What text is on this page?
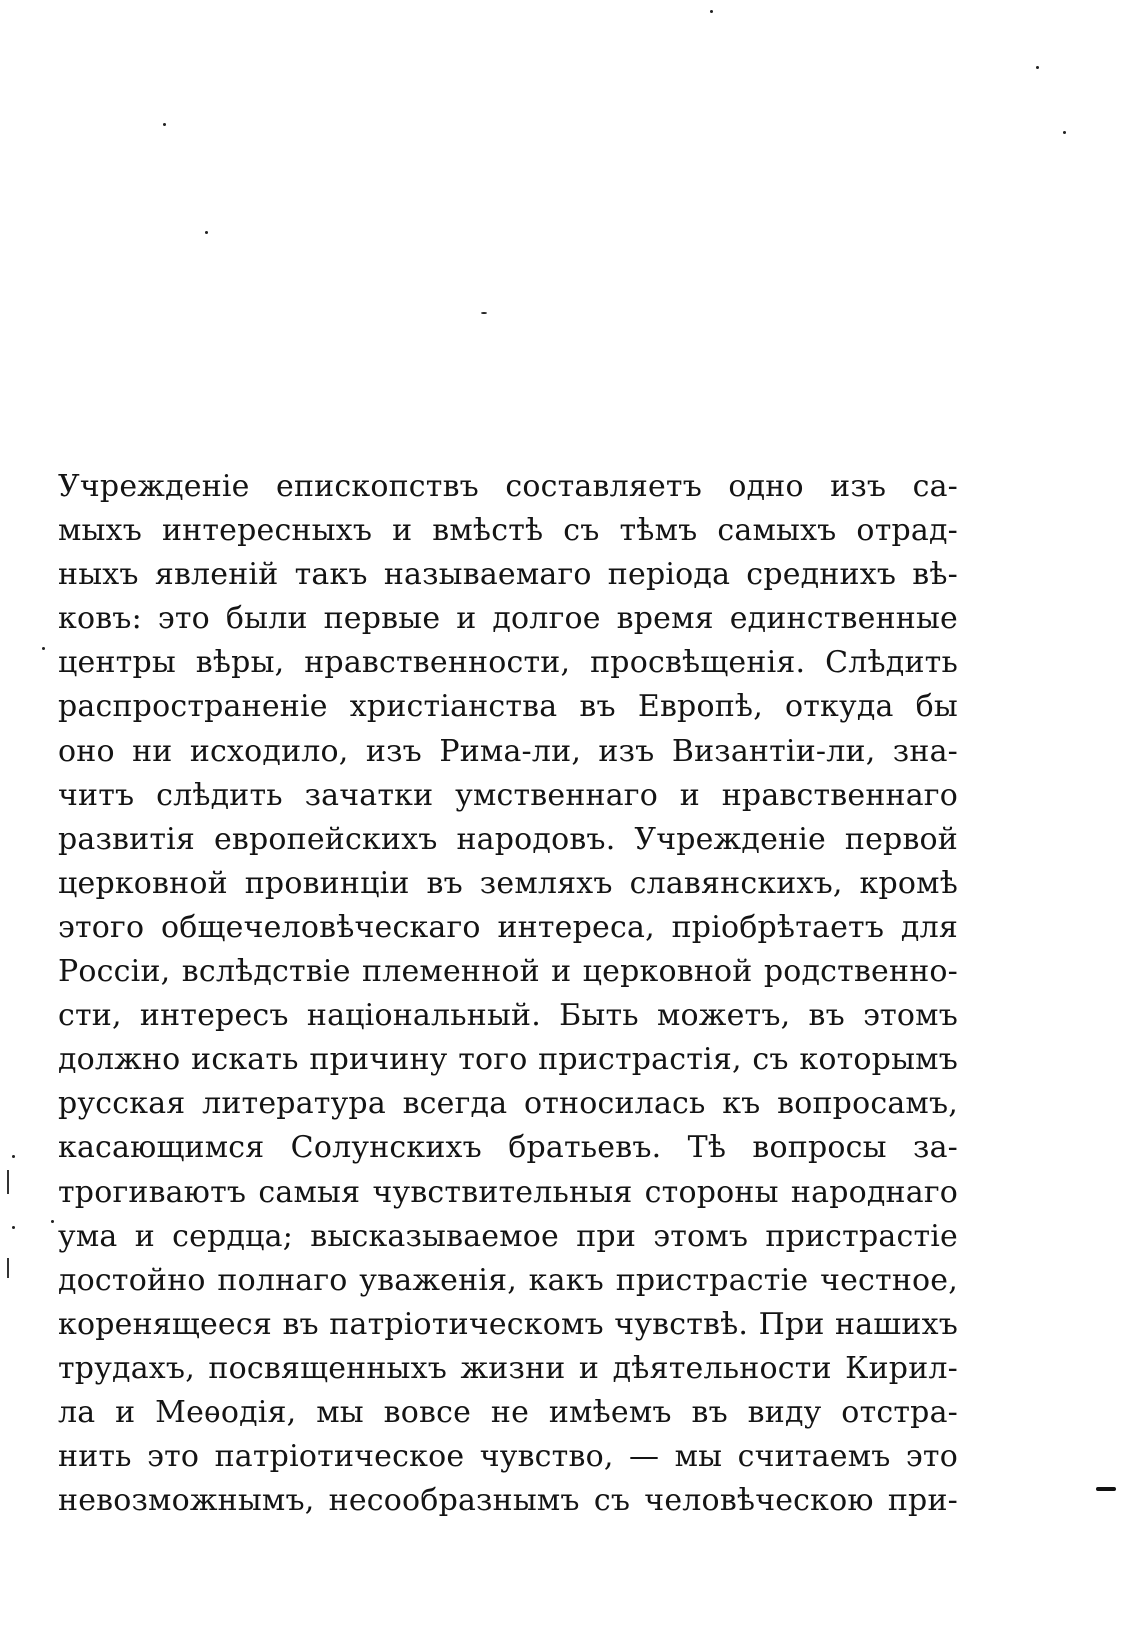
Учрежденіе епископствъ составляетъ одно изъ са-
мыхъ интересныхъ и вмѣстѣ съ тѣмъ самыхъ отрад-
ныхъ явленій такъ называемаго періода среднихъ вѣ-
ковъ: это были первые и долгое время единственные
центры вѣры, нравственности, просвѣщенія. Слѣдить
распространеніе христіанства въ Европѣ, откуда бы
оно ни исходило, изъ Рима-ли, изъ Византіи-ли, зна-
читъ слѣдить зачатки умственнаго и нравственнаго
развитія европейскихъ народовъ. Учрежденіе первой
церковной провинціи въ земляхъ славянскихъ, кромѣ
этого общечеловѣческаго интереса, пріобрѣтаетъ для
Россіи, вслѣдствіе племенной и церковной родственно-
сти, интересъ національный. Быть можетъ, въ этомъ
должно искать причину того пристрастія, съ которымъ
русская литература всегда относилась къ вопросамъ,
касающимся Солунскихъ братьевъ. Тѣ вопросы за-
трогиваютъ самыя чувствительныя стороны народнаго
ума и сердца; высказываемое при этомъ пристрастіе
достойно полнаго уваженія, какъ пристрастіе честное,
коренящееся въ патріотическомъ чувствѣ. При нашихъ
трудахъ, посвященныхъ жизни и дѣятельности Кирил-
ла и Меѳодія, мы вовсе не имѣемъ въ виду отстра-
нить это патріотическое чувство, — мы считаемъ это
невозможнымъ, несообразнымъ съ человѣческою при-
